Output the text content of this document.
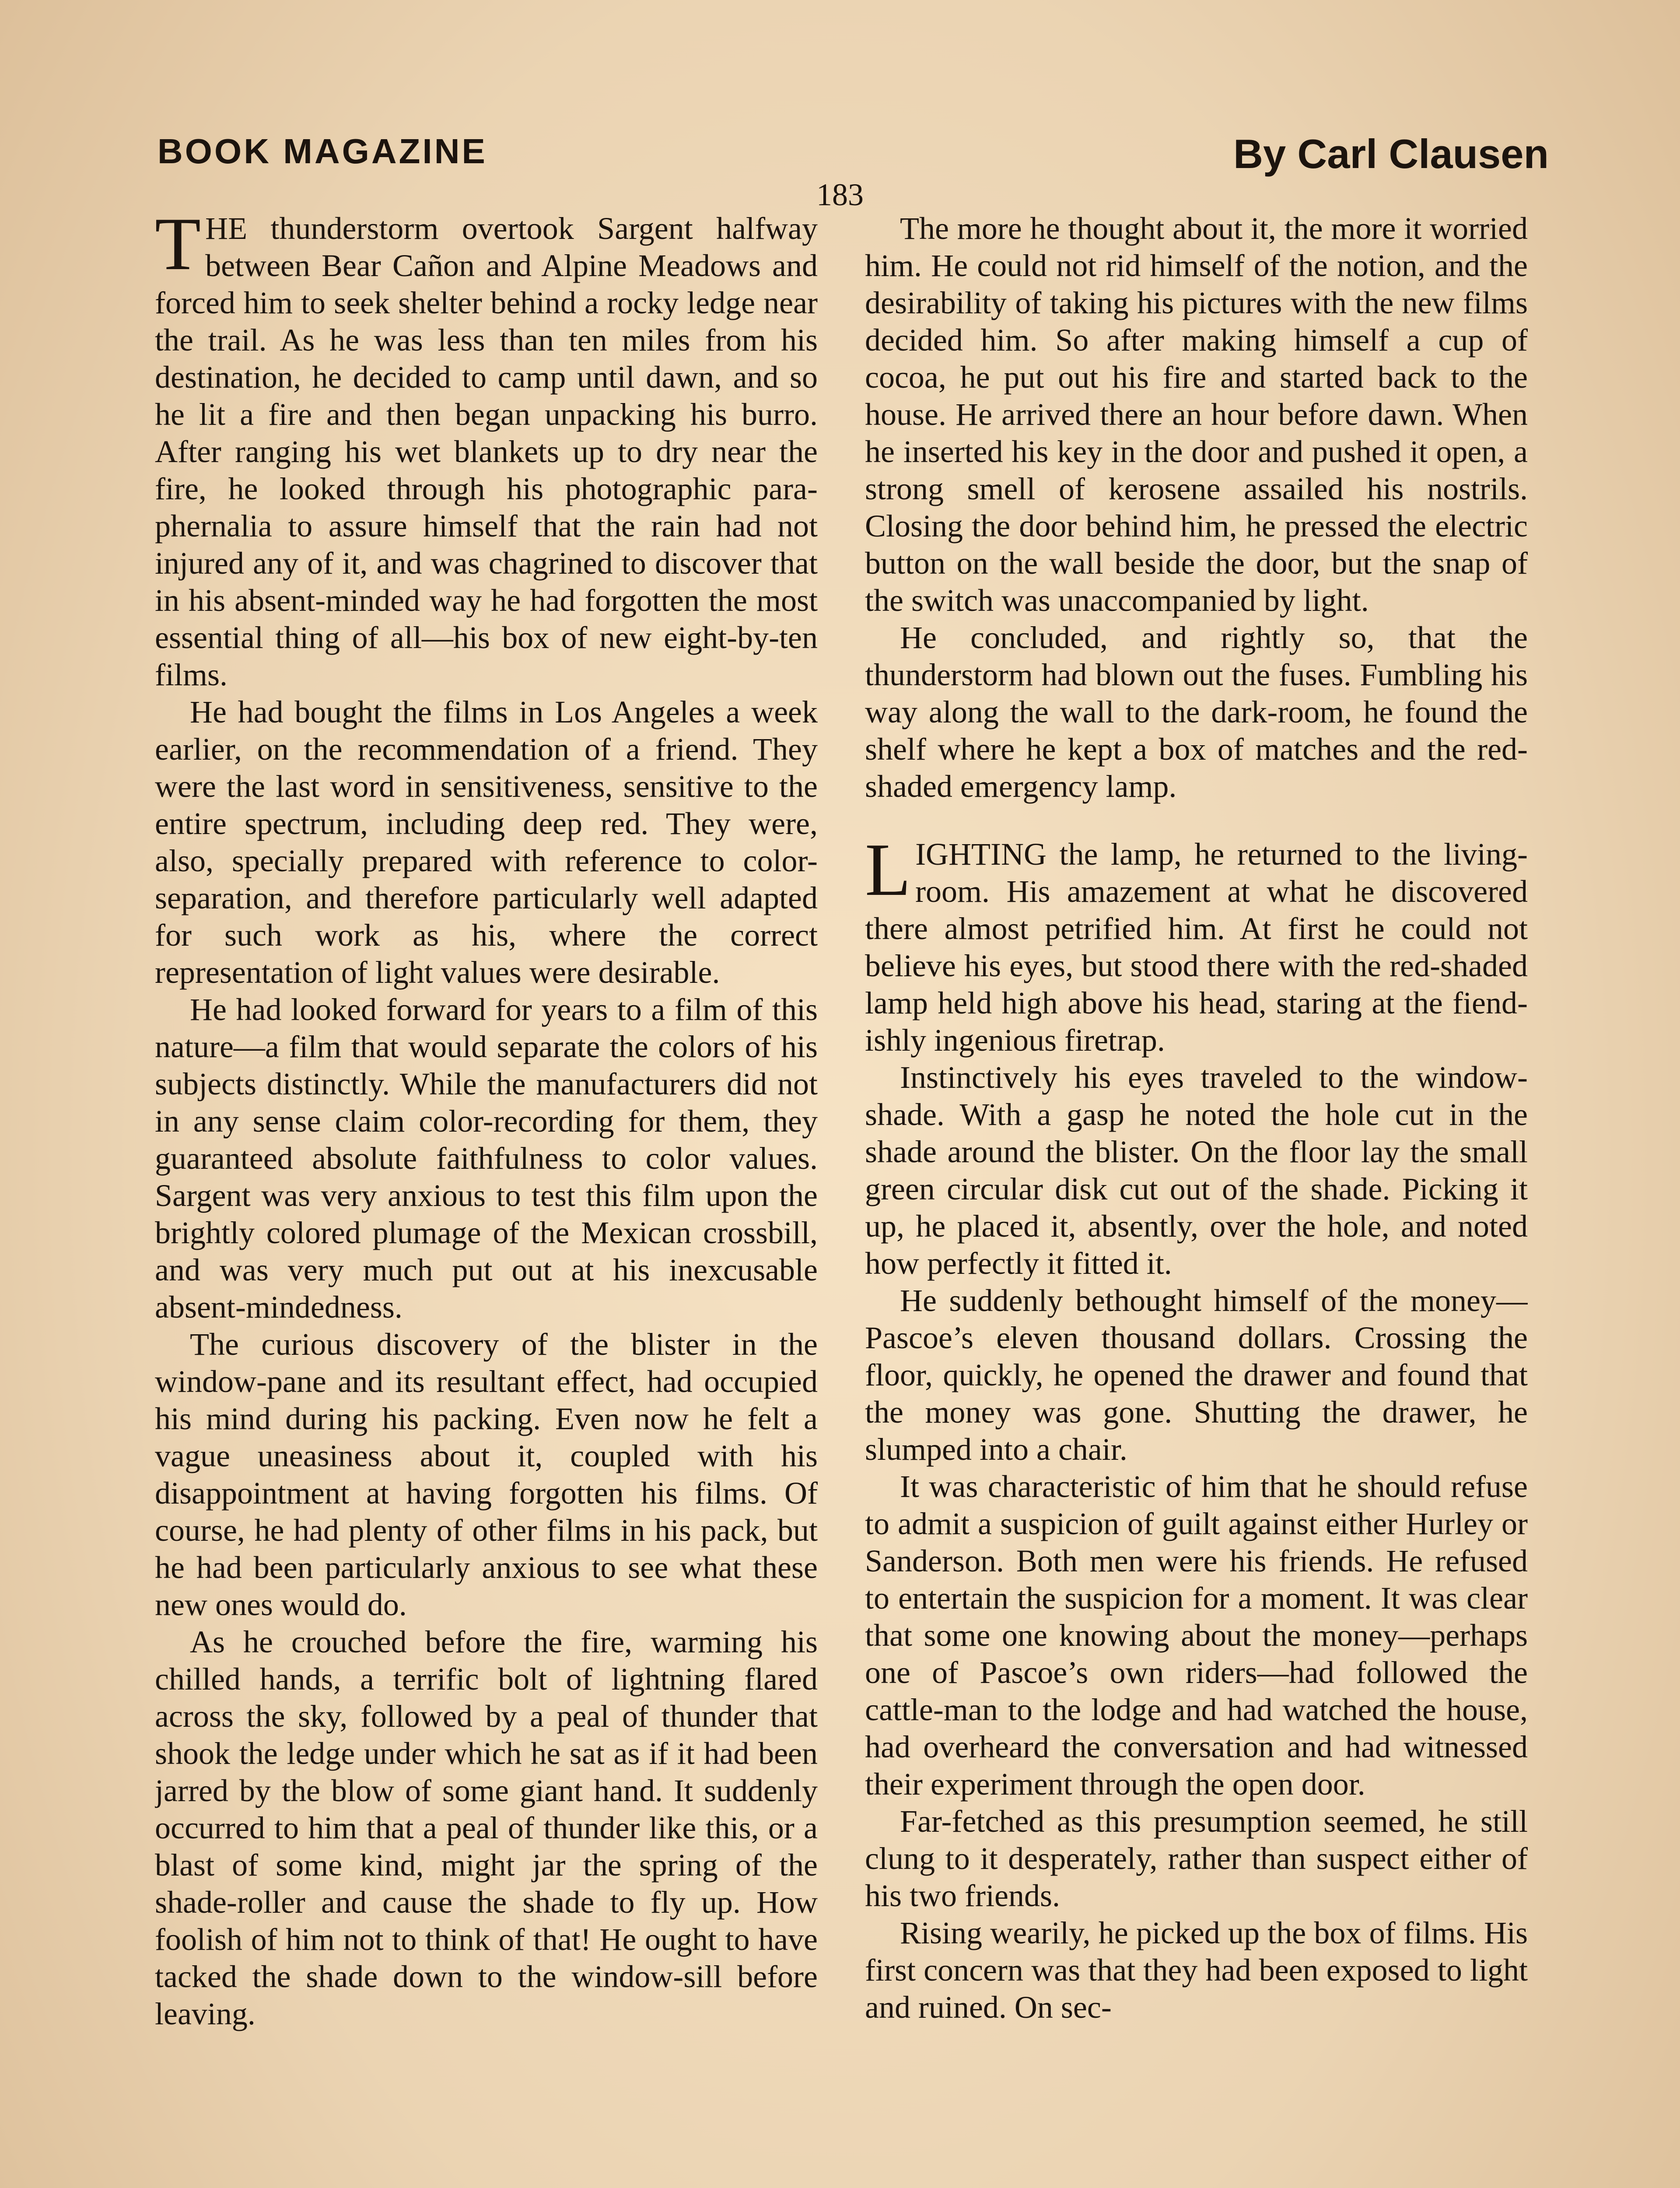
BOOK MAGAZINE	By Carl Clausen
183

THE thunderstorm overtook Sargent halfway between Bear Cañon and Alpine Meadows and forced him to seek shelter behind a rocky ledge near the trail. As he was less than ten miles from his destination, he decided to camp until dawn, and so he lit a fire and then began unpacking his burro. After ranging his wet blankets up to dry near the fire, he looked through his photographic paraphernalia to assure himself that the rain had not injured any of it, and was chagrined to discover that in his absent-minded way he had forgotten the most essential thing of all—his box of new eight-by-ten films.

He had bought the films in Los Angeles a week earlier, on the recommendation of a friend. They were the last word in sensitiveness, sensitive to the entire spectrum, including deep red. They were, also, specially prepared with reference to color-separation, and therefore particularly well adapted for such work as his, where the correct representation of light values were desirable.

He had looked forward for years to a film of this nature—a film that would separate the colors of his subjects distinctly. While the manufacturers did not in any sense claim color-recording for them, they guaranteed absolute faithfulness to color values. Sargent was very anxious to test this film upon the brightly colored plumage of the Mexican crossbill, and was very much put out at his inexcusable absent-mindedness.

The curious discovery of the blister in the window-pane and its resultant effect, had occupied his mind during his packing. Even now he felt a vague uneasiness about it, coupled with his disappointment at having forgotten his films. Of course, he had plenty of other films in his pack, but he had been particularly anxious to see what these new ones would do.

As he crouched before the fire, warming his chilled hands, a terrific bolt of lightning flared across the sky, followed by a peal of thunder that shook the ledge under which he sat as if it had been jarred by the blow of some giant hand. It suddenly occurred to him that a peal of thunder like this, or a blast of some kind, might jar the spring of the shade-roller and cause the shade to fly up. How foolish of him not to think of that! He ought to have tacked the shade down to the window-sill before leaving.

The more he thought about it, the more it worried him. He could not rid himself of the notion, and the desirability of taking his pictures with the new films decided him. So after making himself a cup of cocoa, he put out his fire and started back to the house. He arrived there an hour before dawn. When he inserted his key in the door and pushed it open, a strong smell of kerosene assailed his nostrils. Closing the door behind him, he pressed the electric button on the wall beside the door, but the snap of the switch was unaccompanied by light.

He concluded, and rightly so, that the thunderstorm had blown out the fuses. Fumbling his way along the wall to the dark-room, he found the shelf where he kept a box of matches and the red-shaded emergency lamp.

LIGHTING the lamp, he returned to the living-room. His amazement at what he discovered there almost petrified him. At first he could not believe his eyes, but stood there with the red-shaded lamp held high above his head, staring at the fiendishly ingenious firetrap.

Instinctively his eyes traveled to the window-shade. With a gasp he noted the hole cut in the shade around the blister. On the floor lay the small green circular disk cut out of the shade. Picking it up, he placed it, absently, over the hole, and noted how perfectly it fitted it.

He suddenly bethought himself of the money—Pascoe’s eleven thousand dollars. Crossing the floor, quickly, he opened the drawer and found that the money was gone. Shutting the drawer, he slumped into a chair.

It was characteristic of him that he should refuse to admit a suspicion of guilt against either Hurley or Sanderson. Both men were his friends. He refused to entertain the suspicion for a moment. It was clear that some one knowing about the money—perhaps one of Pascoe’s own riders—had followed the cattle-man to the lodge and had watched the house, had overheard the conversation and had witnessed their experiment through the open door.

Far-fetched as this presumption seemed, he still clung to it desperately, rather than suspect either of his two friends.

Rising wearily, he picked up the box of films. His first concern was that they had been exposed to light and ruined. On sec-
